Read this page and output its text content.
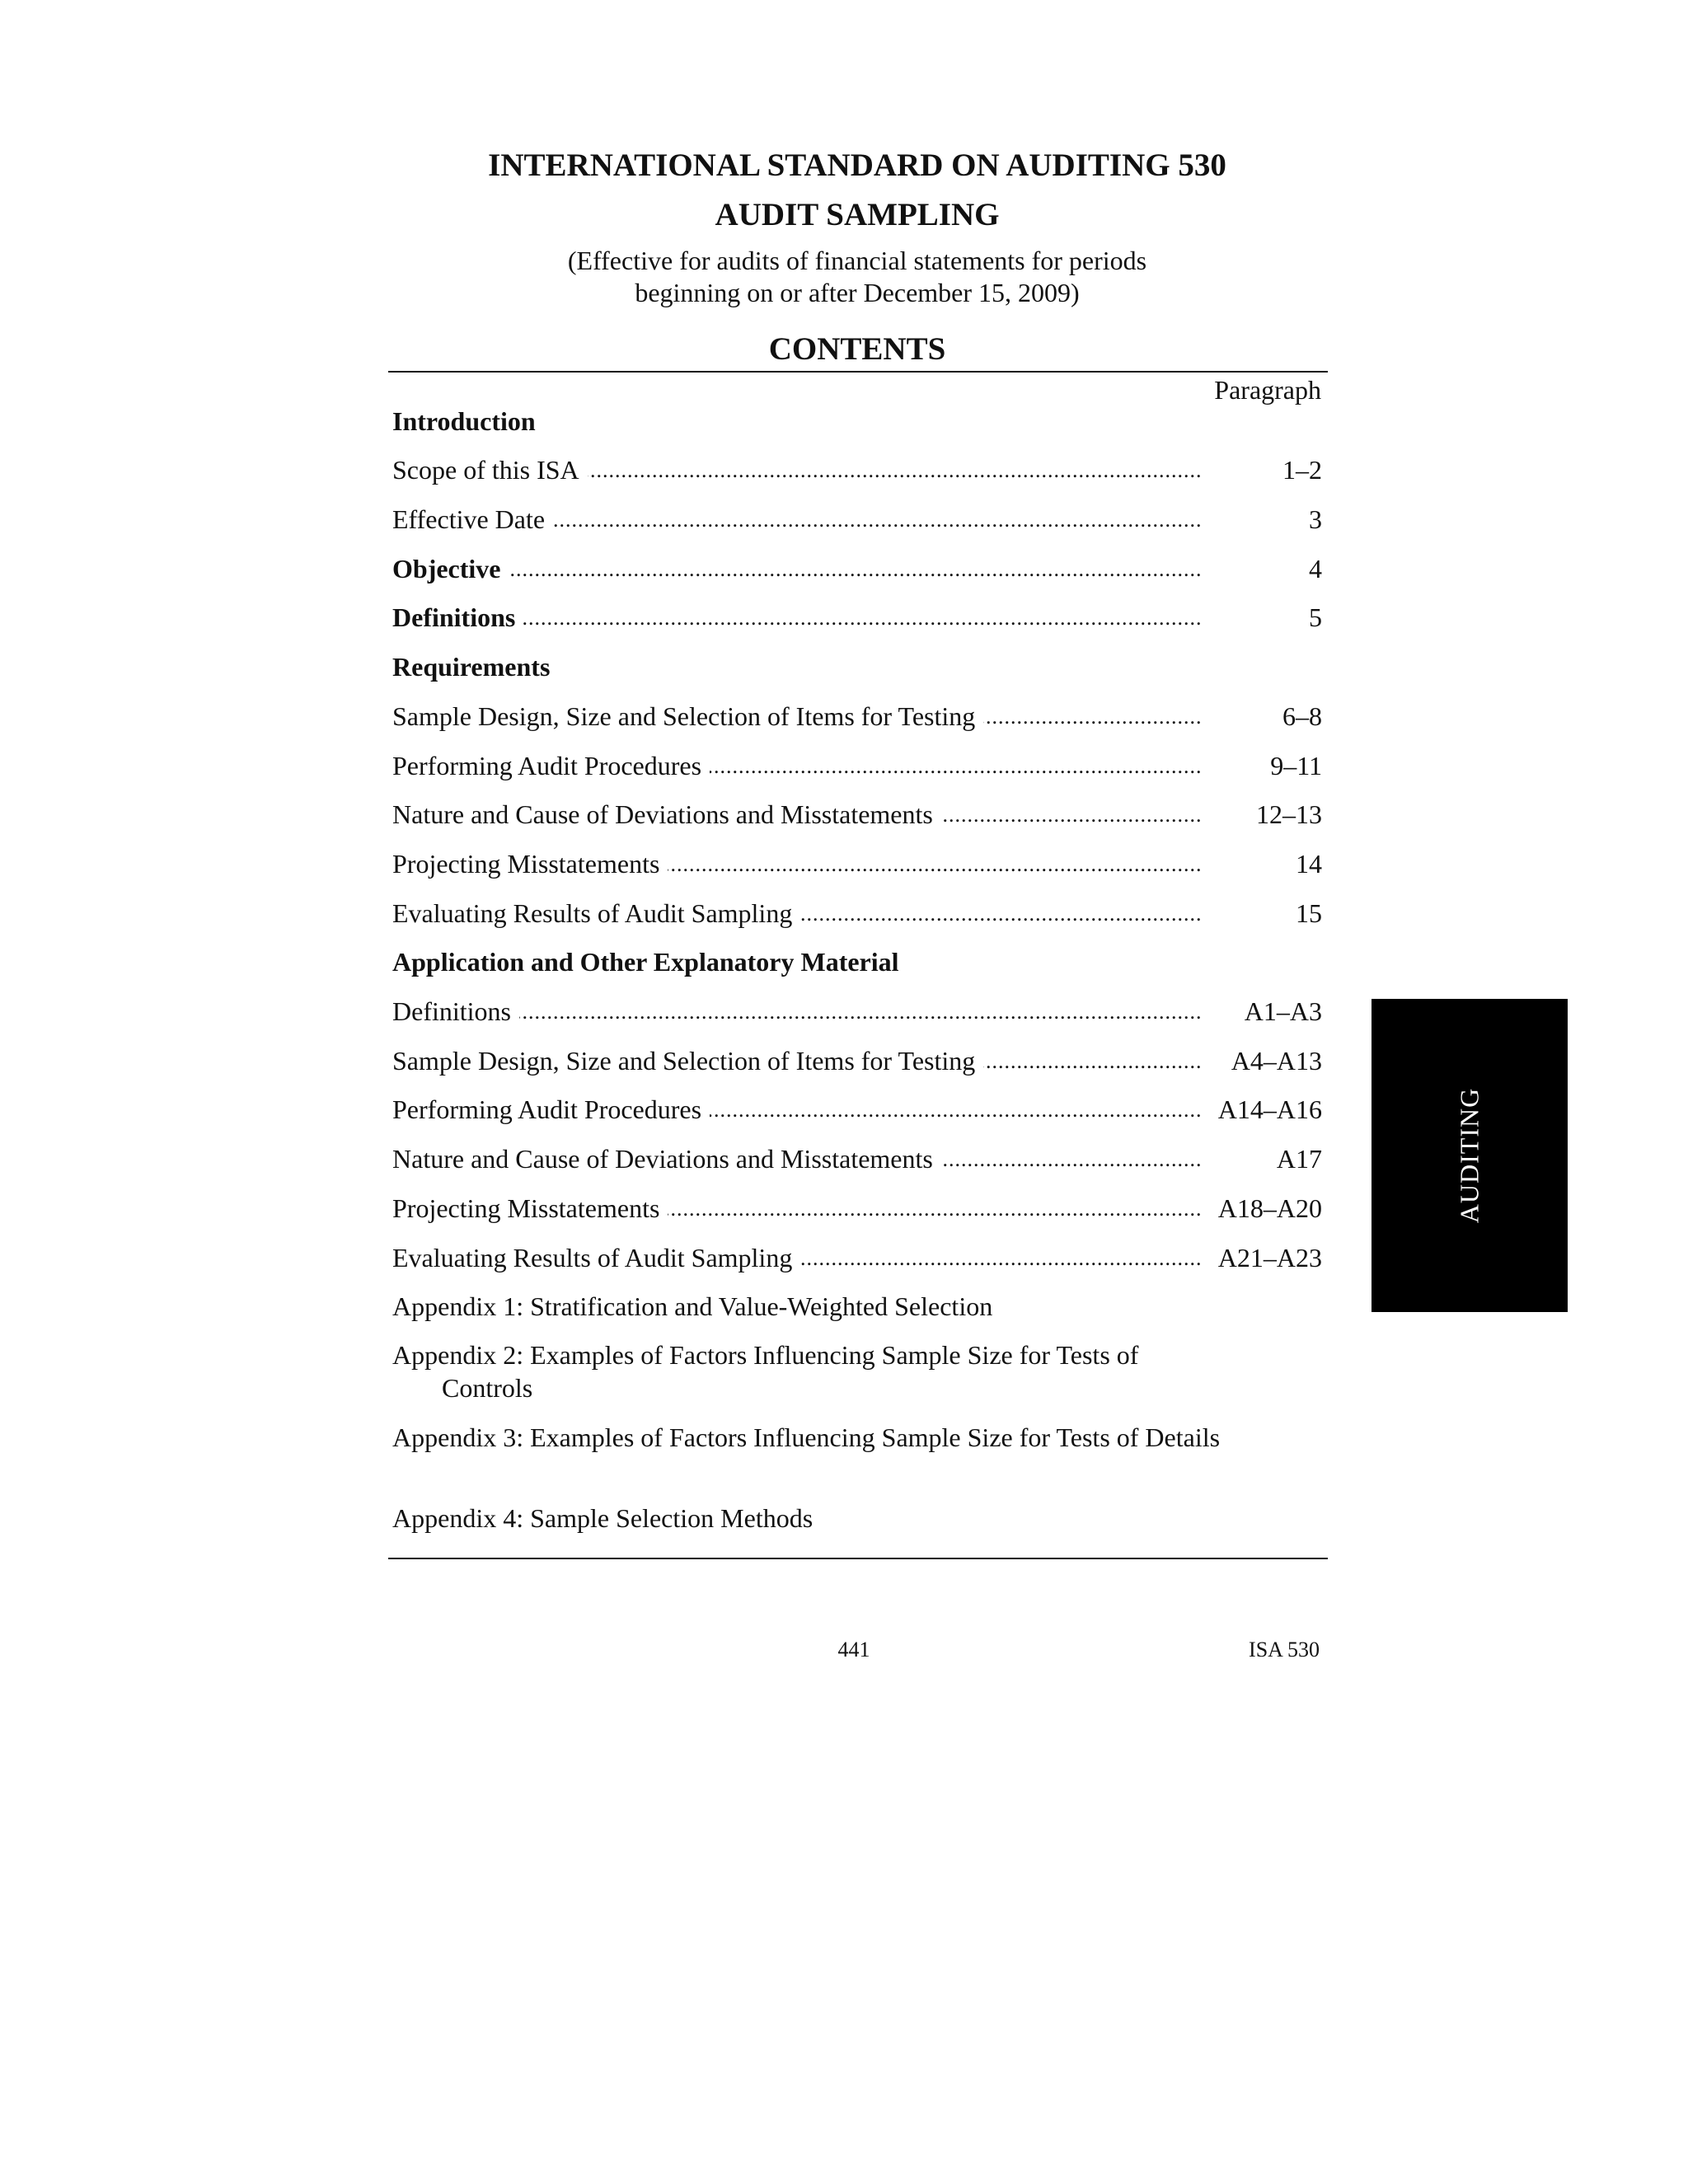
INTERNATIONAL STANDARD ON AUDITING 530
AUDIT SAMPLING
(Effective for audits of financial statements for periods
beginning on or after December 15, 2009)
CONTENTS
Paragraph
Introduction
Scope of this ISA .....	1–2
Effective Date .....	3
Objective .....	4
Definitions .....	5
Requirements
Sample Design, Size and Selection of Items for Testing .....	6–8
Performing Audit Procedures .....	9–11
Nature and Cause of Deviations and Misstatements .....	12–13
Projecting Misstatements .....	14
Evaluating Results of Audit Sampling .....	15
Application and Other Explanatory Material
Definitions .....	A1–A3
Sample Design, Size and Selection of Items for Testing .....	A4–A13
Performing Audit Procedures .....	A14–A16
Nature and Cause of Deviations and Misstatements .....	A17
Projecting Misstatements .....	A18–A20
Evaluating Results of Audit Sampling .....	A21–A23
Appendix 1: Stratification and Value-Weighted Selection
Appendix 2: Examples of Factors Influencing Sample Size for Tests of Controls
Appendix 3: Examples of Factors Influencing Sample Size for Tests of Details
Appendix 4: Sample Selection Methods
441	ISA 530
AUDITING
